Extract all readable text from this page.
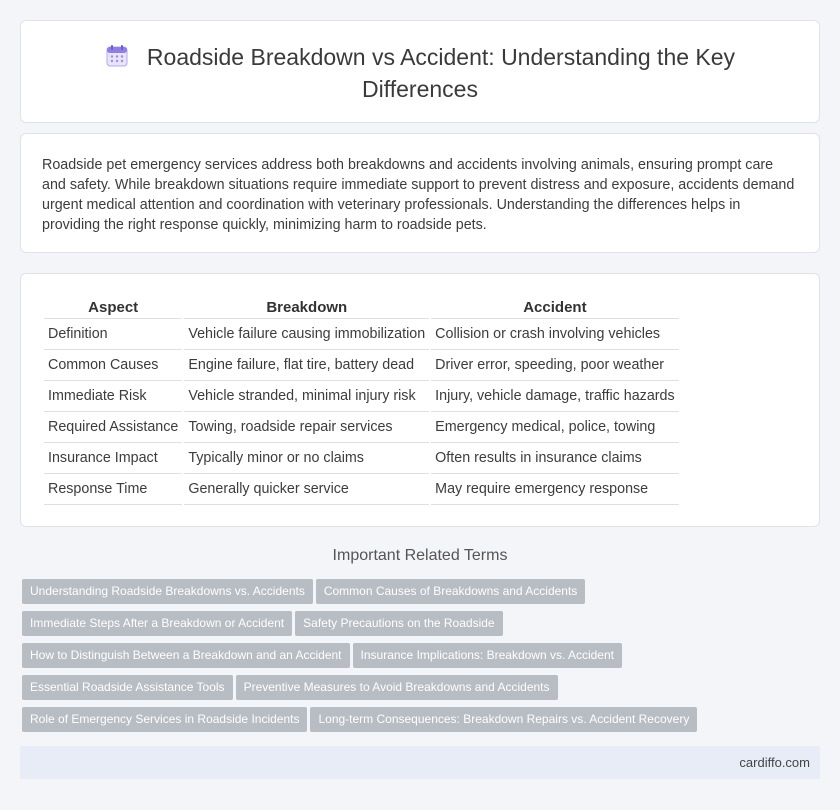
Roadside Breakdown vs Accident: Understanding the Key
Differences

Roadside pet emergency services address both breakdowns and accidents involving animals, ensuring prompt care and safety. While breakdown situations require immediate support to prevent distress and exposure, accidents demand urgent medical attention and coordination with veterinary professionals. Understanding the differences helps in providing the right response quickly, minimizing harm to roadside pets.

Aspect	Breakdown	Accident
Definition	Vehicle failure causing immobilization	Collision or crash involving vehicles
Common Causes	Engine failure, flat tire, battery dead	Driver error, speeding, poor weather
Immediate Risk	Vehicle stranded, minimal injury risk	Injury, vehicle damage, traffic hazards
Required Assistance	Towing, roadside repair services	Emergency medical, police, towing
Insurance Impact	Typically minor or no claims	Often results in insurance claims
Response Time	Generally quicker service	May require emergency response
Important Related Terms
Understanding Roadside Breakdowns vs. Accidents Common Causes of Breakdowns and Accidents
Immediate Steps After a Breakdown or Accident Safety Precautions on the Roadside
How to Distinguish Between a Breakdown and an Accident Insurance Implications: Breakdown vs. Accident
Essential Roadside Assistance Tools Preventive Measures to Avoid Breakdowns and Accidents
Role of Emergency Services in Roadside Incidents Long-term Consequences: Breakdown Repairs vs. Accident Recovery
cardiffo.com
